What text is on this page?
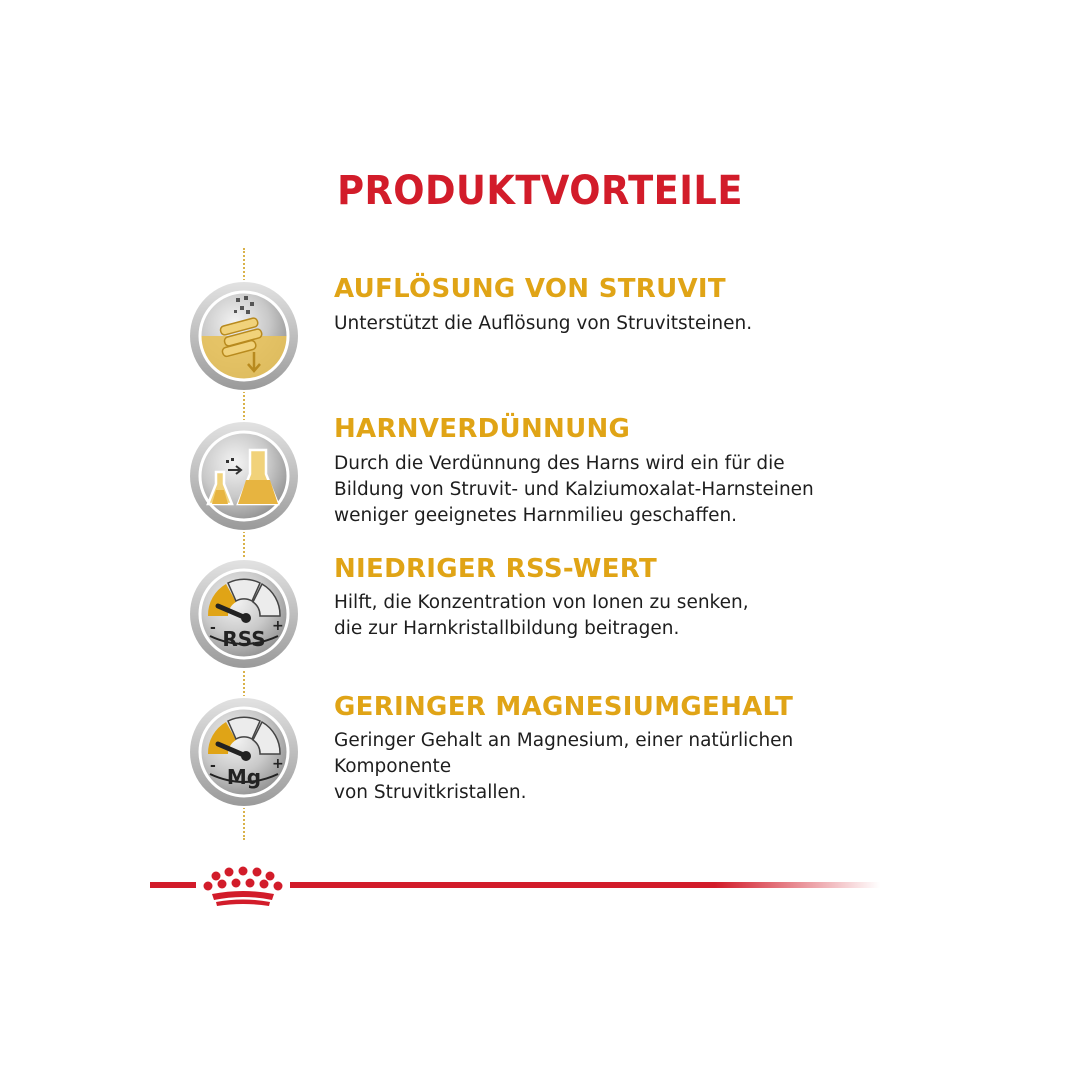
PRODUKTVORTEILE
AUFLÖSUNG VON STRUVIT
Unterstützt die Auflösung von Struvitsteinen.
HARNVERDÜNNUNG
Durch die Verdünnung des Harns wird ein für die
Bildung von Struvit- und Kalziumoxalat-Harnsteinen
weniger geeignetes Harnmilieu geschaffen.
-	+
RSS
NIEDRIGER RSS-WERT
Hilft, die Konzentration von Ionen zu senken,
die zur Harnkristallbildung beitragen.
-	+
Mg
GERINGER MAGNESIUMGEHALT
Geringer Gehalt an Magnesium, einer natürlichen
Komponente
von Struvitkristallen.
